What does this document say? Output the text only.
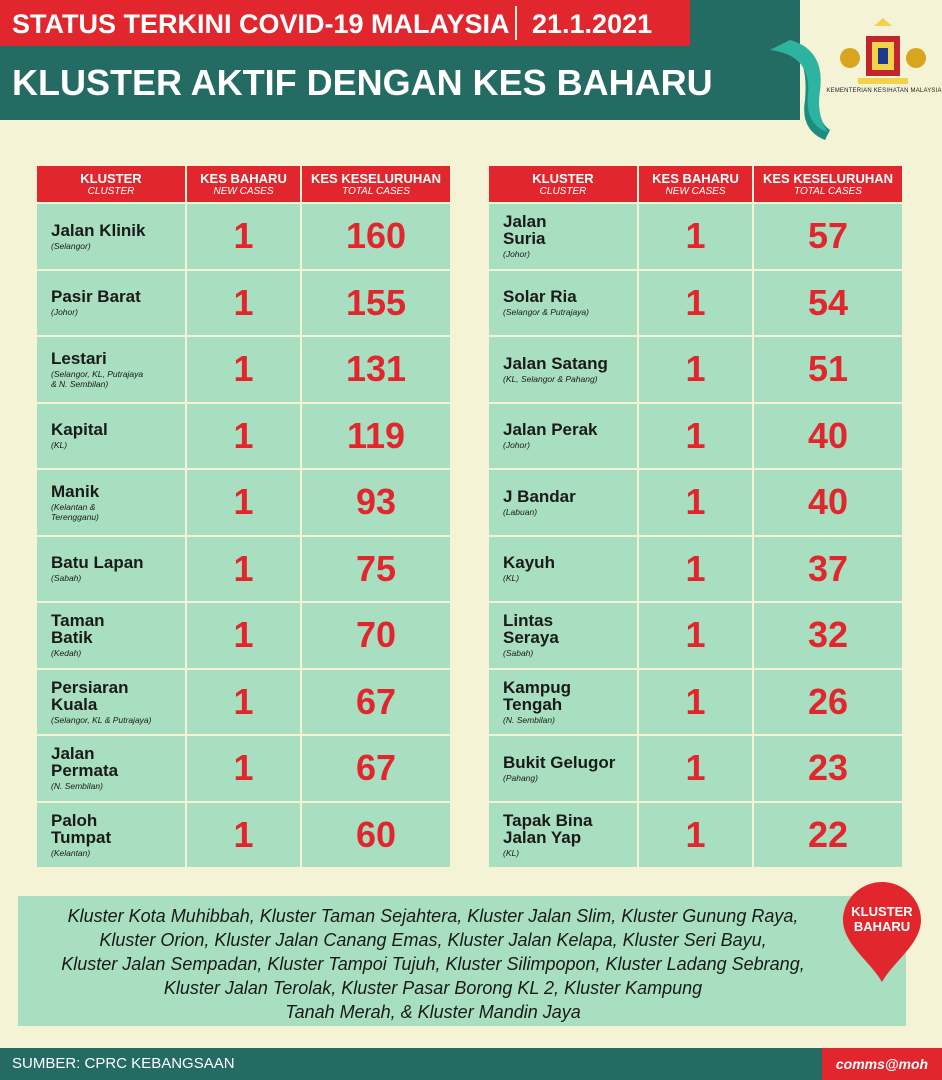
STATUS TERKINI COVID-19 MALAYSIA 21.1.2021
KLUSTER AKTIF DENGAN KES BAHARU	KEMENTERIAN KESIHATAN MALAYSIA
KLUSTER
CLUSTER
KES BAHARU
NEW CASES
KES KESELURUHAN
TOTAL CASES
Jalan Klinik
(Selangor)	1	160
Pasir Barat
(Johor)	1	155
Lestari
(Selangor, KL, Putrajaya
& N. Sembilan)	1	131
Kapital
(KL)	1	119
Manik
(Kelantan &
Terengganu)	1	93
Batu Lapan
(Sabah)	1	75
Taman
Batik
(Kedah)	1	70
Persiaran
Kuala
(Selangor, KL & Putrajaya)	1	67
Jalan
Permata
(N. Sembilan)	1	67
Paloh
Tumpat
(Kelantan)	1	60
KLUSTER
CLUSTER
KES BAHARU
NEW CASES
KES KESELURUHAN
TOTAL CASES
Jalan
Suria
(Johor)	1	57
Solar Ria
(Selangor & Putrajaya)	1	54
Jalan Satang
(KL, Selangor & Pahang)	1	51
Jalan Perak
(Johor)	1	40
J Bandar
(Labuan)	1	40
Kayuh
(KL)	1	37
Lintas
Seraya
(Sabah)	1	32
Kampug
Tengah
(N. Sembilan)	1	26
Bukit Gelugor
(Pahang)	1	23
Tapak Bina
Jalan Yap
(KL)	1	22
Kluster Kota Muhibbah, Kluster Taman Sejahtera, Kluster Jalan Slim, Kluster Gunung Raya,
Kluster Orion, Kluster Jalan Canang Emas, Kluster Jalan Kelapa, Kluster Seri Bayu,
Kluster Jalan Sempadan, Kluster Tampoi Tujuh, Kluster Silimpopon, Kluster Ladang Sebrang,
Kluster Jalan Terolak, Kluster Pasar Borong KL 2, Kluster Kampung
Tanah Merah, & Kluster Mandin Jaya
KLUSTER
BAHARU
SUMBER: CPRC KEBANGSAAN	comms@moh
